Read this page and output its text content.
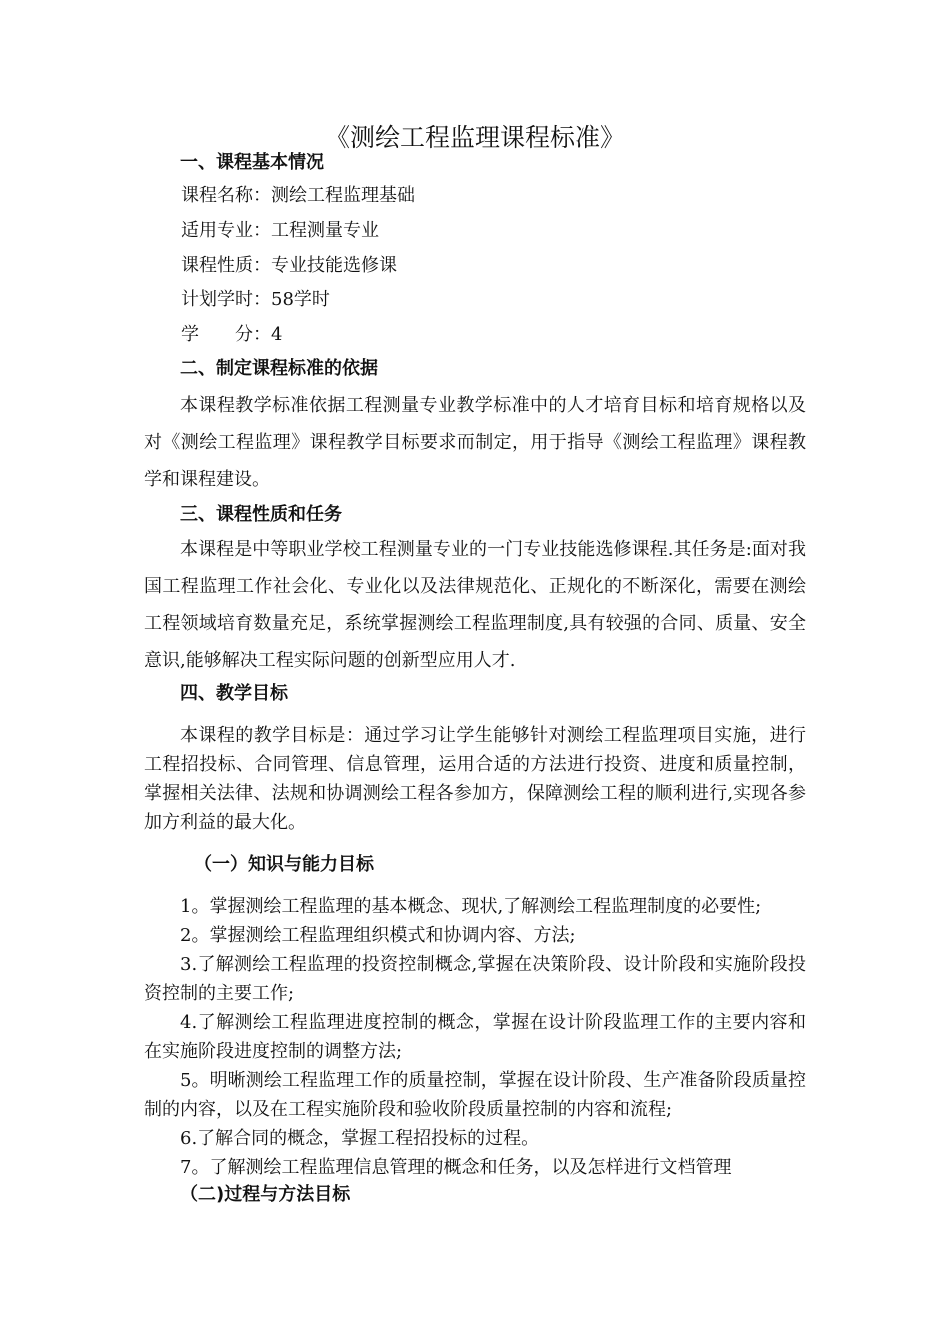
《测绘工程监理课程标准》
一、课程基本情况
课程名称：测绘工程监理基础
适用专业：工程测量专业
课程性质：专业技能选修课
计划学时：58学时
学　　分：4
二、制定课程标准的依据

本课程教学标准依据工程测量专业教学标准中的人才培育目标和培育规格以及对《测绘工程监理》课程教学目标要求而制定，用于指导《测绘工程监理》课程教学和课程建设。

三、课程性质和任务

本课程是中等职业学校工程测量专业的一门专业技能选修课程.其任务是:面对我国工程监理工作社会化、专业化以及法律规范化、正规化的不断深化，需要在测绘工程领域培育数量充足，系统掌握测绘工程监理制度,具有较强的合同、质量、安全意识,能够解决工程实际问题的创新型应用人才.

四、教学目标

本课程的教学目标是：通过学习让学生能够针对测绘工程监理项目实施，进行工程招投标、合同管理、信息管理，运用合适的方法进行投资、进度和质量控制，掌握相关法律、法规和协调测绘工程各参加方，保障测绘工程的顺利进行,实现各参加方利益的最大化。

（一）知识与能力目标

1。掌握测绘工程监理的基本概念、现状,了解测绘工程监理制度的必要性;

2。掌握测绘工程监理组织模式和协调内容、方法;

3.了解测绘工程监理的投资控制概念,掌握在决策阶段、设计阶段和实施阶段投资控制的主要工作;

4.了解测绘工程监理进度控制的概念，掌握在设计阶段监理工作的主要内容和在实施阶段进度控制的调整方法;

5。明晰测绘工程监理工作的质量控制，掌握在设计阶段、生产准备阶段质量控制的内容，以及在工程实施阶段和验收阶段质量控制的内容和流程;

6.了解合同的概念，掌握工程招投标的过程。

7。了解测绘工程监理信息管理的概念和任务，以及怎样进行文档管理

（二)过程与方法目标
